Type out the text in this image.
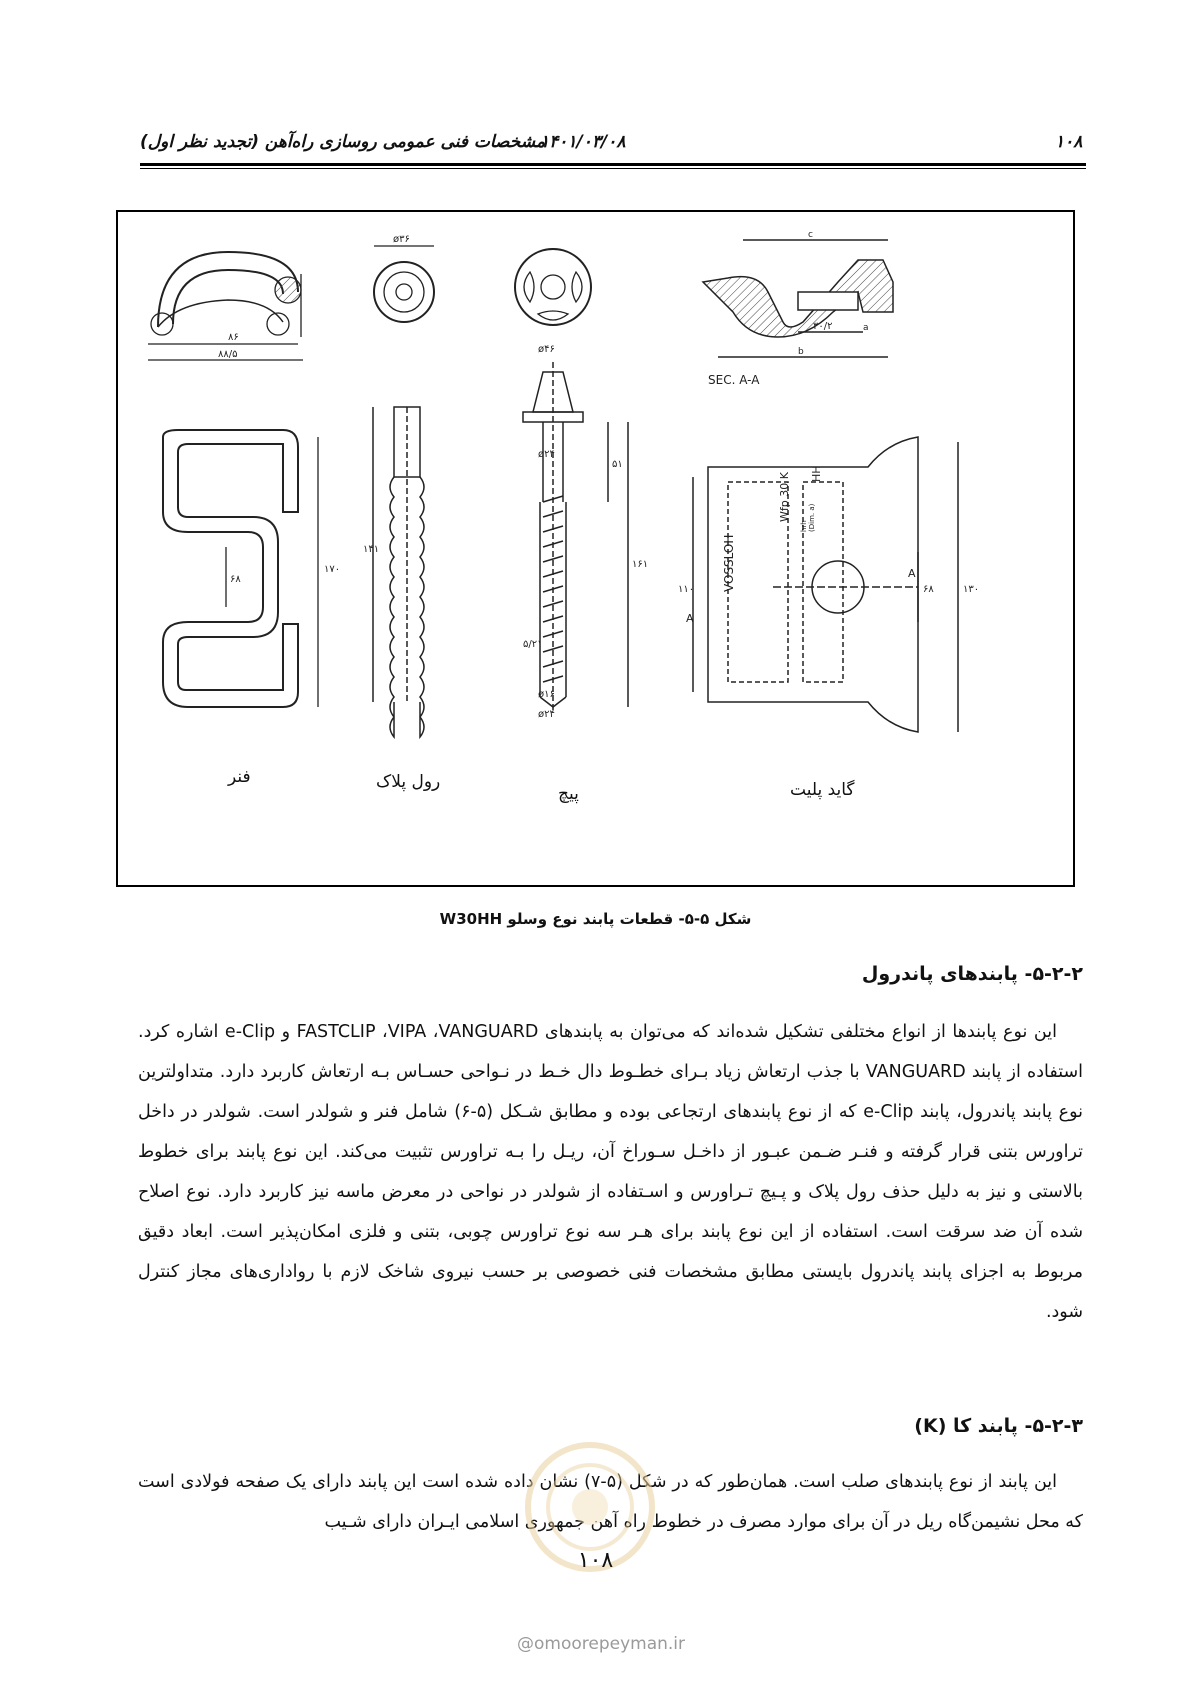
۱۰۸
۱۴۰۱/۰۳/۰۸
مشخصات فنی عمومی روسازی راه‌آهن (تجدید نظر اول)
۸۶
۸۸/۵
۱۷۰
۶۸
ø۳۶
۱۴۱
ø۴۶
ø۲۴
۵۱
۱۶۱
۵/۲۱
ø۱۶
ø۲۴
c
b
a
۳۰/۲
SEC. A-A
VOSSLOH
Wfp 30 K HH
hrh (Dim. a)
A
A
۱۱۰	۱۳۰
۶۸
فنر	رول پلاک
پیچ	گاید پلیت
شکل ۵-۵- قطعات پابند نوع وسلو W30HH
۵-۲-۲- پابندهای پاندرول

این نوع پابندها از انواع مختلفی تشکیل شده‌اند که می‌توان به پابندهای FASTCLIP ،VIPA ،VANGUARD و e-Clip اشاره کرد. استفاده از پابند VANGUARD با جذب ارتعاش زیاد بـرای خطـوط دال خـط در نـواحی حسـاس بـه ارتعاش کاربرد دارد. متداولترین نوع پابند پاندرول، پابند e-Clip که از نوع پابندهای ارتجاعی بوده و مطابق شـکل (۵-۶) شامل فنر و شولدر است. شولدر در داخل تراورس بتنی قرار گرفته و فنـر ضـمن عبـور از داخـل سـوراخ آن، ریـل را بـه تراورس تثبیت می‌کند. این نوع پابند برای خطوط بالاستی و نیز به دلیل حذف رول پلاک و پـیچ تـراورس و اسـتفاده از شولدر در نواحی در معرض ماسه نیز کاربرد دارد. نوع اصلاح شده آن ضد سرقت است. استفاده از این نوع پابند برای هـر سه نوع تراورس چوبی، بتنی و فلزی امکان‌پذیر است. ابعاد دقیق مربوط به اجزای پابند پاندرول بایستی مطابق مشخصات فنی خصوصی بر حسب نیروی شاخک لازم با رواداری‌های مجاز کنترل شود.

۵-۲-۳- پابند کا (K)

این پابند از نوع پابندهای صلب است. همان‌طور که در شکل (۵-۷) نشان داده شده است این پابند دارای یک صفحه فولادی است که محل نشیمن‌گاه ریل در آن برای موارد مصرف در خطوط راه آهن جمهوری اسلامی ایـران دارای شـیب

۱۰۸
@omoorepeyman.ir
